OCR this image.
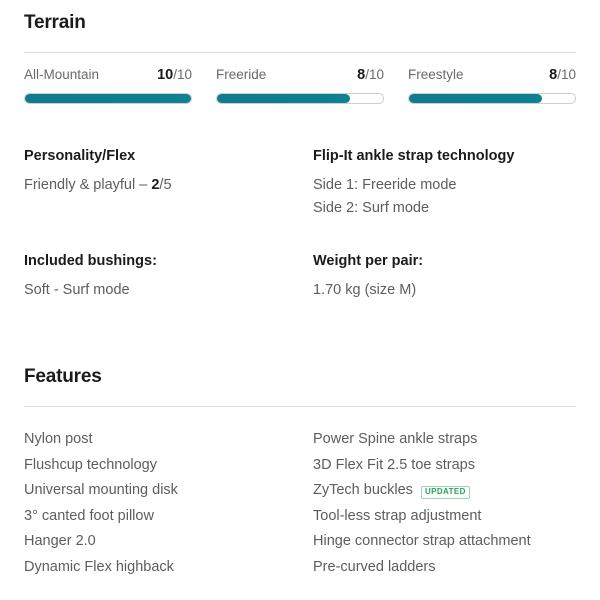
Terrain
All-Mountain	10/10 Freeride	8/10 Freestyle	8/10
Personality/Flex
Friendly & playful – 2/5
Flip-It ankle strap technology
Side 1: Freeride mode
Side 2: Surf mode
Included bushings:
Soft - Surf mode
Weight per pair:
1.70 kg (size M)
Features
Nylon post
Flushcup technology
Universal mounting disk
3° canted foot pillow
Hanger 2.0
Dynamic Flex highback
Power Spine ankle straps
3D Flex Fit 2.5 toe straps
ZyTech buckles	UPDATED
Tool-less strap adjustment
Hinge connector strap attachment
Pre-curved ladders
